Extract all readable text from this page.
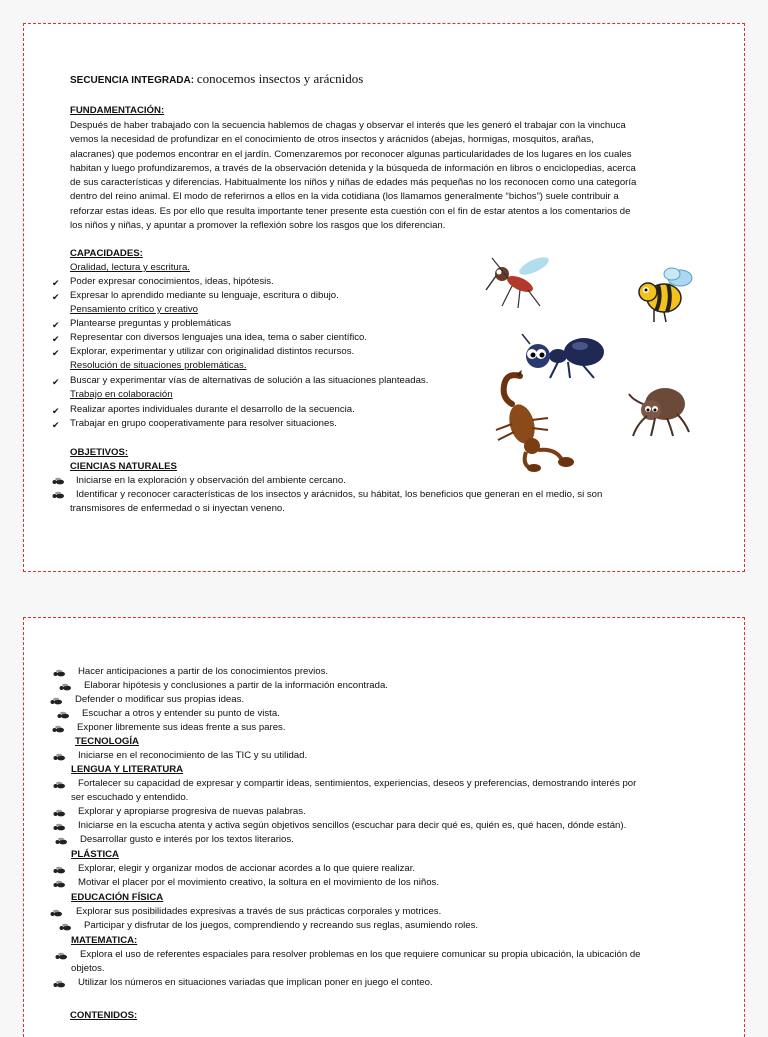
SECUENCIA INTEGRADA: conocemos insectos y arácnidos
FUNDAMENTACIÓN:
Después de haber trabajado con la secuencia hablemos de chagas y observar el interés que les generó el trabajar con la vinchuca
vemos la necesidad de profundizar en el conocimiento de otros insectos y arácnidos (abejas, hormigas, mosquitos, arañas,
alacranes) que podemos encontrar en el jardín. Comenzaremos por reconocer algunas particularidades de los lugares en los cuales
habitan y luego profundizaremos, a través de la observación detenida y la búsqueda de información en libros o enciclopedias, acerca
de sus características y diferencias. Habitualmente los niños y niñas de edades más pequeñas no los reconocen como una categoría
dentro del reino animal. El modo de referirnos a ellos en la vida cotidiana (los llamamos generalmente “bichos”) suele contribuir a
reforzar estas ideas. Es por ello que resulta importante tener presente esta cuestión con el fin de estar atentos a los comentarios de
los niños y niñas, y apuntar a promover la reflexión sobre los rasgos que los diferencian.
CAPACIDADES:
Oralidad, lectura y escritura.
✔ Poder expresar conocimientos, ideas, hipótesis.
✔ Expresar lo aprendido mediante su lenguaje, escritura o dibujo.
Pensamiento crítico y creativo
✔ Plantearse preguntas y problemáticas
✔ Representar con diversos lenguajes una idea, tema o saber científico.
✔ Explorar, experimentar y utilizar con originalidad distintos recursos.
Resolución de situaciones problemáticas.
✔ Buscar y experimentar vías de alternativas de solución a las situaciones planteadas.
Trabajo en colaboración
✔ Realizar aportes individuales durante el desarrollo de la secuencia.
✔ Trabajar en grupo cooperativamente para resolver situaciones.
OBJETIVOS:
CIENCIAS NATURALES
Iniciarse en la exploración y observación del ambiente cercano.
Identificar y reconocer características de los insectos y arácnidos, su hábitat, los beneficios que generan en el medio, si son
transmisores de enfermedad o si inyectan veneno.
Hacer anticipaciones a partir de los conocimientos previos.
Elaborar hipótesis y conclusiones a partir de la información encontrada.
Defender o modificar sus propias ideas.
Escuchar a otros y entender su punto de vista.
Exponer libremente sus ideas frente a sus pares.
TECNOLOGÍA
Iniciarse en el reconocimiento de las TIC y su utilidad.
LENGUA Y LITERATURA
Fortalecer su capacidad de expresar y compartir ideas, sentimientos, experiencias, deseos y preferencias, demostrando interés por
ser escuchado y entendido.
Explorar y apropiarse progresiva de nuevas palabras.
Iniciarse en la escucha atenta y activa según objetivos sencillos (escuchar para decir qué es, quién es, qué hacen, dónde están).
Desarrollar gusto e interés por los textos literarios.
PLÁSTICA
Explorar, elegir y organizar modos de accionar acordes a lo que quiere realizar.
Motivar el placer por el movimiento creativo, la soltura en el movimiento de los niños.
EDUCACIÓN FÍSICA
Explorar sus posibilidades expresivas a través de sus prácticas corporales y motrices.
Participar y disfrutar de los juegos, comprendiendo y recreando sus reglas, asumiendo roles.
MATEMATICA:
Explora el uso de referentes espaciales para resolver problemas en los que requiere comunicar su propia ubicación, la ubicación de
objetos.
Utilizar los números en situaciones variadas que implican poner en juego el conteo.
CONTENIDOS:
